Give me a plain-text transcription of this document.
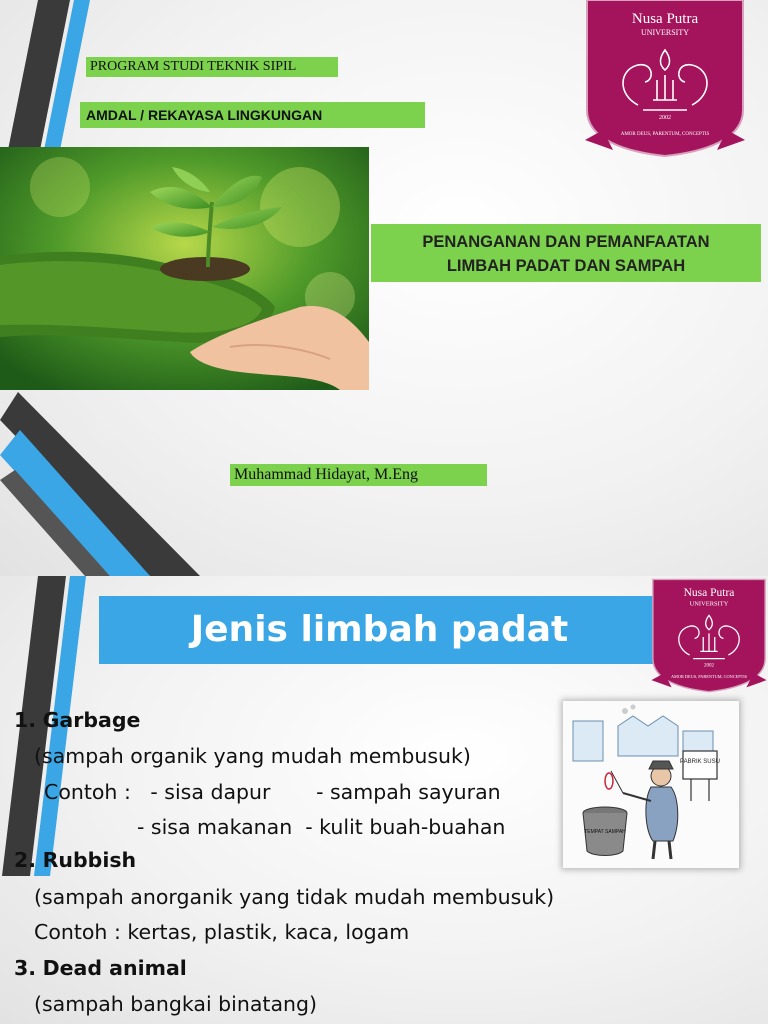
PROGRAM STUDI TEKNIK SIPIL
AMDAL / REKAYASA LINGKUNGAN
PENANGANAN DAN PEMANFAATAN
LIMBAH PADAT DAN SAMPAH
Muhammad Hidayat, M.Eng
Nusa Putra
UNIVERSITY
2002
AMOR DEUS, PARENTUM, CONCEPTIS
Jenis limbah padat
Nusa Putra
UNIVERSITY
2002
AMOR DEUS, PARENTUM, CONCEPTIS
1. Garbage
(sampah organik yang mudah membusuk)
Contoh :   - sisa dapur       - sampah sayuran
- sisa makanan  - kulit buah-buahan
2. Rubbish
(sampah anorganik yang tidak mudah membusuk)
Contoh : kertas, plastik, kaca, logam
3. Dead animal
(sampah bangkai binatang)
PABRIK SUSU
TEMPAT SAMPAH
